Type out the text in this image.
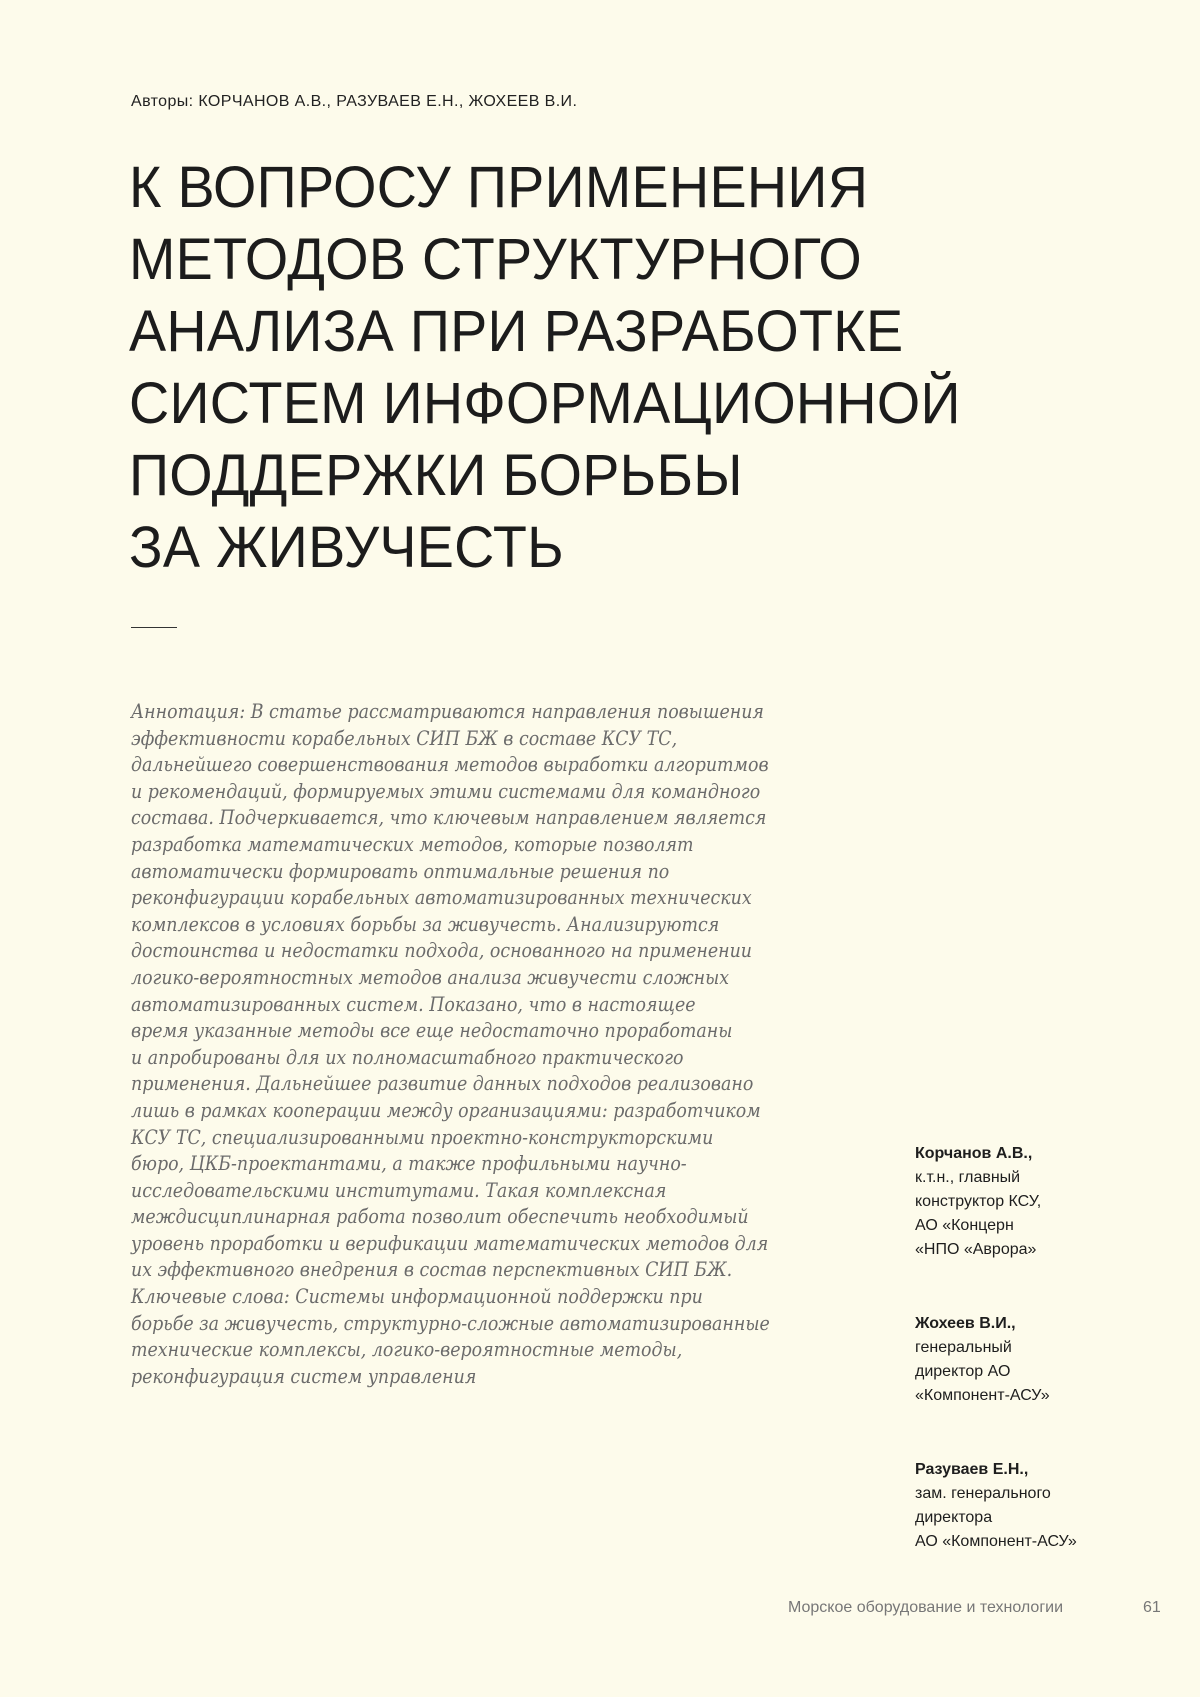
Авторы: КОРЧАНОВ А.В., РАЗУВАЕВ Е.Н., ЖОХЕЕВ В.И.
К ВОПРОСУ ПРИМЕНЕНИЯ
МЕТОДОВ СТРУКТУРНОГО
АНАЛИЗА ПРИ РАЗРАБОТКЕ
СИСТЕМ ИНФОРМАЦИОННОЙ
ПОДДЕРЖКИ БОРЬБЫ
ЗА ЖИВУЧЕСТЬ
Аннотация: В статье рассматриваются направления повышения
эффективности корабельных СИП БЖ в составе КСУ ТС,
дальнейшего совершенствования методов выработки алгоритмов
и рекомендаций, формируемых этими системами для командного
состава. Подчеркивается, что ключевым направлением является
разработка математических методов, которые позволят
автоматически формировать оптимальные решения по
реконфигурации корабельных автоматизированных технических
комплексов в условиях борьбы за живучесть. Анализируются
достоинства и недостатки подхода, основанного на применении
логико-вероятностных методов анализа живучести сложных
автоматизированных систем. Показано, что в настоящее
время указанные методы все еще недостаточно проработаны
и апробированы для их полномасштабного практического
применения. Дальнейшее развитие данных подходов реализовано
лишь в рамках кооперации между организациями: разработчиком
КСУ ТС, специализированными проектно-конструкторскими
бюро, ЦКБ-проектантами, а также профильными научно-
исследовательскими институтами. Такая комплексная
междисциплинарная работа позволит обеспечить необходимый
уровень проработки и верификации математических методов для
их эффективного внедрения в состав перспективных СИП БЖ.
Ключевые слова: Системы информационной поддержки при
борьбе за живучесть, структурно-сложные автоматизированные
технические комплексы, логико-вероятностные методы,
реконфигурация систем управления
Корчанов А.В.,
к.т.н., главный
конструктор КСУ,
АО «Концерн
«НПО «Аврора»
Жохеев В.И.,
генеральный
директор АО
«Компонент-АСУ»
Разуваев Е.Н.,
зам. генерального
директора
АО «Компонент-АСУ»
Морское оборудование и технологии	61
